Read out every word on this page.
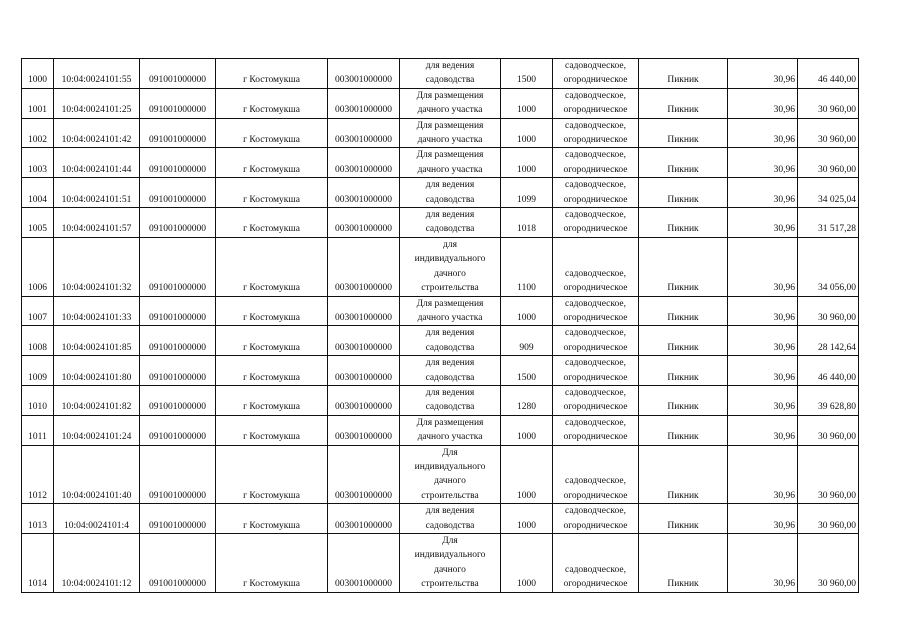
1000	10:04:0024101:55	091001000000	г Костомукша	003001000000	для ведения
садоводства	1500	садоводческое,
огородническое	Пикник	30,96	46 440,00
1001	10:04:0024101:25	091001000000	г Костомукша	003001000000	Для размещения
дачного участка	1000	садоводческое,
огородническое	Пикник	30,96	30 960,00
1002	10:04:0024101:42	091001000000	г Костомукша	003001000000	Для размещения
дачного участка	1000	садоводческое,
огородническое	Пикник	30,96	30 960,00
1003	10:04:0024101:44	091001000000	г Костомукша	003001000000	Для размещения
дачного участка	1000	садоводческое,
огородническое	Пикник	30,96	30 960,00
1004	10:04:0024101:51	091001000000	г Костомукша	003001000000	для ведения
садоводства	1099	садоводческое,
огородническое	Пикник	30,96	34 025,04
1005	10:04:0024101:57	091001000000	г Костомукша	003001000000	для ведения
садоводства	1018	садоводческое,
огородническое	Пикник	30,96	31 517,28
1006	10:04:0024101:32	091001000000	г Костомукша	003001000000	для
индивидуального
дачного
строительства	1100	садоводческое,
огородническое	Пикник	30,96	34 056,00
1007	10:04:0024101:33	091001000000	г Костомукша	003001000000	Для размещения
дачного участка	1000	садоводческое,
огородническое	Пикник	30,96	30 960,00
1008	10:04:0024101:85	091001000000	г Костомукша	003001000000	для ведения
садоводства	909	садоводческое,
огородническое	Пикник	30,96	28 142,64
1009	10:04:0024101:80	091001000000	г Костомукша	003001000000	для ведения
садоводства	1500	садоводческое,
огородническое	Пикник	30,96	46 440,00
1010	10:04:0024101:82	091001000000	г Костомукша	003001000000	для ведения
садоводства	1280	садоводческое,
огородническое	Пикник	30,96	39 628,80
1011	10:04:0024101:24	091001000000	г Костомукша	003001000000	Для размещения
дачного участка	1000	садоводческое,
огородническое	Пикник	30,96	30 960,00
1012	10:04:0024101:40	091001000000	г Костомукша	003001000000	Для
индивидуального
дачного
строительства	1000	садоводческое,
огородническое	Пикник	30,96	30 960,00
1013	10:04:0024101:4	091001000000	г Костомукша	003001000000	для ведения
садоводства	1000	садоводческое,
огородническое	Пикник	30,96	30 960,00
1014	10:04:0024101:12	091001000000	г Костомукша	003001000000	Для
индивидуального
дачного
строительства	1000	садоводческое,
огородническое	Пикник	30,96	30 960,00
